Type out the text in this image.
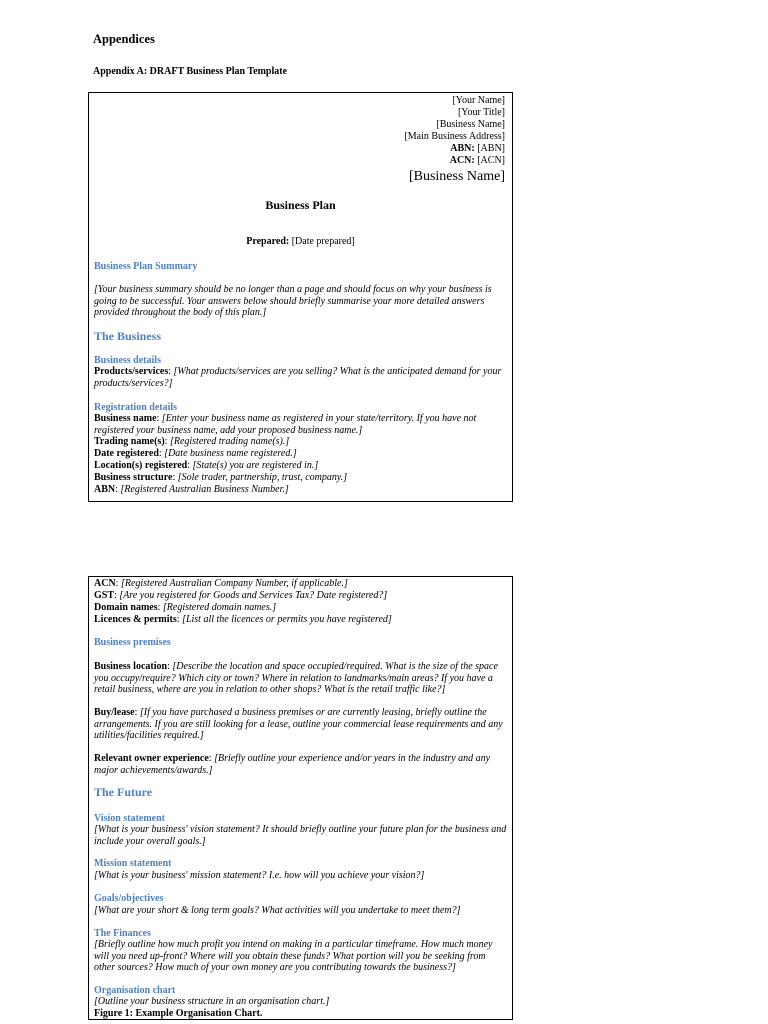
Appendices
Appendix A: DRAFT Business Plan Template
[Your Name]
[Your Title]
[Business Name]
[Main Business Address]
ABN: [ABN]
ACN: [ACN]
[Business Name]
Business Plan
Prepared: [Date prepared]
Business Plan Summary
[Your business summary should be no longer than a page and should focus on why your business is going to be successful. Your answers below should briefly summarise your more detailed answers provided throughout the body of this plan.]
The Business
Business details
Products/services: [What products/services are you selling? What is the anticipated demand for your products/services?]
Registration details
Business name: [Enter your business name as registered in your state/territory. If you have not registered your business name, add your proposed business name.]
Trading name(s): [Registered trading name(s).]
Date registered: [Date business name registered.]
Location(s) registered: [State(s) you are registered in.]
Business structure: [Sole trader, partnership, trust, company.]
ABN: [Registered Australian Business Number.]
ACN: [Registered Australian Company Number, if applicable.]
GST: [Are you registered for Goods and Services Tax? Date registered?]
Domain names: [Registered domain names.]
Licences & permits: [List all the licences or permits you have registered]
Business premises
Business location: [Describe the location and space occupied/required. What is the size of the space you occupy/require? Which city or town? Where in relation to landmarks/main areas? If you have a retail business, where are you in relation to other shops? What is the retail traffic like?]
Buy/lease: [If you have purchased a business premises or are currently leasing, briefly outline the arrangements. If you are still looking for a lease, outline your commercial lease requirements and any utilities/facilities required.]
Relevant owner experience: [Briefly outline your experience and/or years in the industry and any major achievements/awards.]
The Future
Vision statement
[What is your business' vision statement? It should briefly outline your future plan for the business and include your overall goals.]
Mission statement
[What is your business' mission statement? I.e. how will you achieve your vision?]
Goals/objectives
[What are your short & long term goals? What activities will you undertake to meet them?]
The Finances
[Briefly outline how much profit you intend on making in a particular timeframe. How much money will you need up-front? Where will you obtain these funds? What portion will you be seeking from other sources? How much of your own money are you contributing towards the business?]
Organisation chart
[Outline your business structure in an organisation chart.]
Figure 1: Example Organisation Chart.
